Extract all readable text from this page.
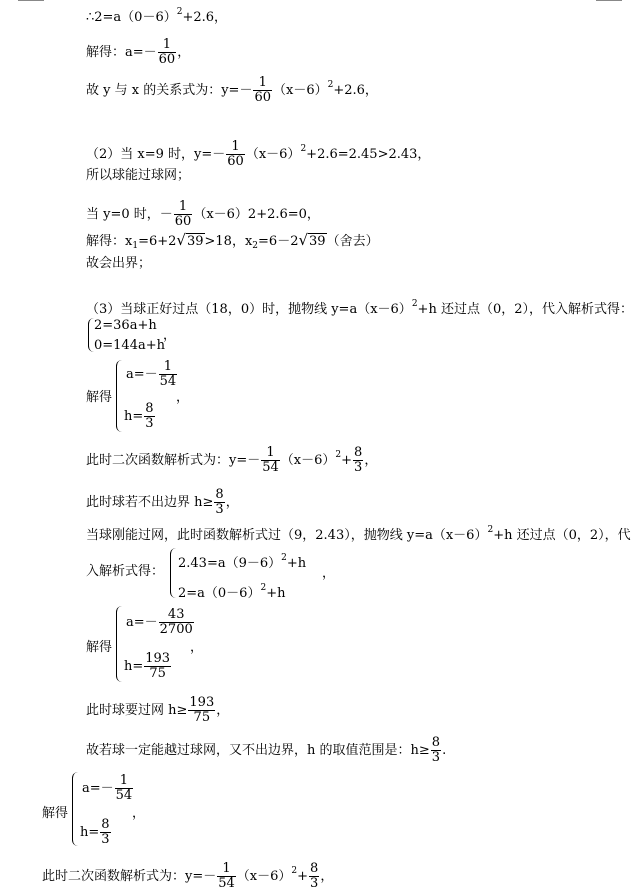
$\therefore 2=a(0-6)^2+2.6$，
解得：$a=- \frac{1}{60}$ ，
故 y 与 x 的关系式为：$y=- \frac{1}{60} (x-6)^2+2.6$，
（2）当 x=9 时，$y=- \frac{1}{60} (x-6)^2+2.6=2.45>2.43$，
所以球能过球网；
当 y=0 时，－ $\frac{1}{60} (x-6)2+2.6=0$，
解得：$x_1=6+2√39>18$，$x_2=6-2√39$（舍去）
故会出界；
（3）当球正好过点（18，0）时，抛物线 $y=a(x-6)^2+h$ 还过点（0，2），代入解析式得：
2=36a+h
0=144a+h
，
解得
$a=- \frac{1}{54}$
$h= \frac{8}{3}$
，
此时二次函数解析式为：$y=- \frac{1}{54} (x-6)^2+ \frac{8}{3}$ ，
此时球若不出边界 $h\ge \frac{8}{3}$ ，
当球刚能过网，此时函数解析式过（9，2.43），抛物线 $y=a(x-6)^2+h$ 还过点（0，2），代
入解析式得：
$2.43=a(9-6)^2+h$
$2=a(0-6)^2+h$
，
解得
$a=- \frac{43}{2700}$
$h= \frac{193}{75}$
，
此时球要过网 $h\ge \frac{193}{75}$ ，
故若球一定能越过球网，又不出边界，h 的取值范围是：$h\ge \frac{8}{3}$ .
解得
$a=- \frac{1}{54}$
$h= \frac{8}{3}$
，
此时二次函数解析式为：$y=- \frac{1}{54} (x-6)^2+ \frac{8}{3}$ ，
